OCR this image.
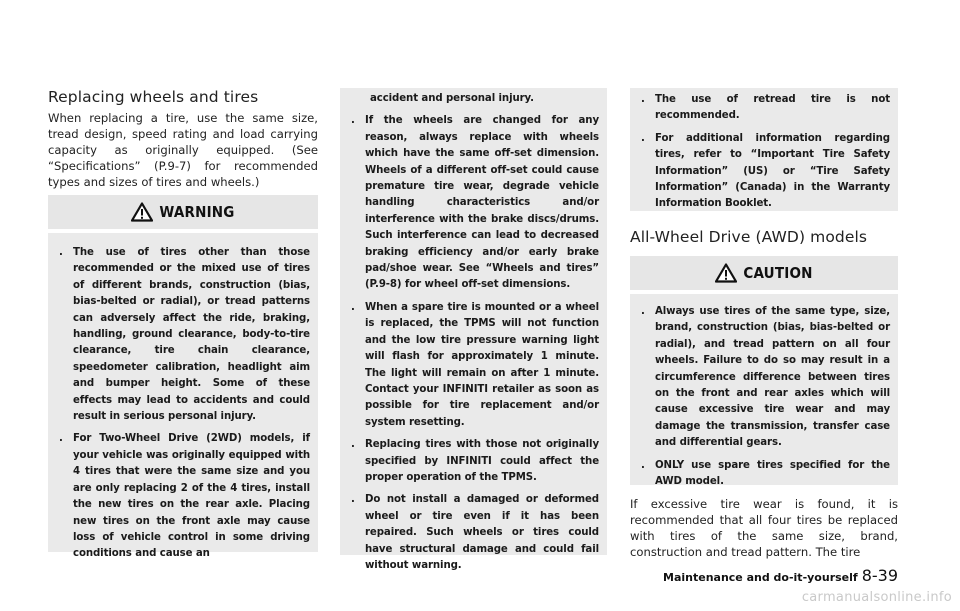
Replacing wheels and tires

When replacing a tire, use the same size, tread design, speed rating and load carrying capacity as originally equipped. (See “Specifications” (P.9-7) for recommended types and sizes of tires and wheels.)

WARNING
. The use of tires other than those recommended or the mixed use of tires of different brands, construction (bias, bias-belted or radial), or tread patterns can adversely affect the ride, braking, handling, ground clearance, body-to-tire clearance, tire chain clearance, speedometer calibration, headlight aim and bumper height. Some of these effects may lead to accidents and could result in serious personal injury.
. For Two-Wheel Drive (2WD) models, if your vehicle was originally equipped with 4 tires that were the same size and you are only replacing 2 of the 4 tires, install the new tires on the rear axle. Placing new tires on the front axle may cause loss of vehicle control in some driving conditions and cause an

accident and personal injury.

. If the wheels are changed for any reason, always replace with wheels which have the same off-set dimension. Wheels of a different off-set could cause premature tire wear, degrade vehicle handling characteristics and/or interference with the brake discs/drums. Such interference can lead to decreased braking efficiency and/or early brake pad/shoe wear. See “Wheels and tires” (P.9-8) for wheel off-set dimensions.
. When a spare tire is mounted or a wheel is replaced, the TPMS will not function and the low tire pressure warning light will flash for approximately 1 minute. The light will remain on after 1 minute. Contact your INFINITI retailer as soon as possible for tire replacement and/or system resetting.
. Replacing tires with those not originally specified by INFINITI could affect the proper operation of the TPMS.
. Do not install a damaged or deformed wheel or tire even if it has been repaired. Such wheels or tires could have structural damage and could fail without warning.
. The use of retread tire is not recommended.
. For additional information regarding tires, refer to “Important Tire Safety Information” (US) or “Tire Safety Information” (Canada) in the Warranty Information Booklet.
All-Wheel Drive (AWD) models
CAUTION
. Always use tires of the same type, size, brand, construction (bias, bias-belted or radial), and tread pattern on all four wheels. Failure to do so may result in a circumference difference between tires on the front and rear axles which will cause excessive tire wear and may damage the transmission, transfer case and differential gears.
. ONLY use spare tires specified for the AWD model.

If excessive tire wear is found, it is recommended that all four tires be replaced with tires of the same size, brand, construction and tread pattern. The tire

Maintenance and do-it-yourself 8-39
carmanualsonline.info
